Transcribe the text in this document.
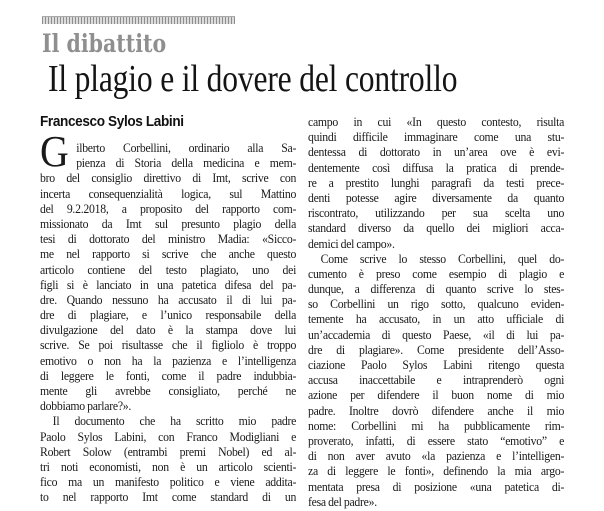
Il dibattito
Il plagio e il dovere del controllo
Francesco Sylos Labini
G ilberto Corbellini, ordinario alla Sa-
pienza di Storia della medicina e mem-
bro del consiglio direttivo di Imt, scrive con
incerta consequenzialità logica, sul Mattino
del 9.2.2018, a proposito del rapporto com-
missionato da Imt sul presunto plagio della
tesi di dottorato del ministro Madia: «Sicco-
me nel rapporto si scrive che anche questo
articolo contiene del testo plagiato, uno dei
figli si è lanciato in una patetica difesa del pa-
dre. Quando nessuno ha accusato il di lui pa-
dre di plagiare, e l’unico responsabile della
divulgazione del dato è la stampa dove lui
scrive. Se poi risultasse che il figliolo è troppo
emotivo o non ha la pazienza e l’intelligenza
di leggere le fonti, come il padre indubbia-
mente gli avrebbe consigliato, perché ne
dobbiamo parlare?».
Il documento che ha scritto mio padre
Paolo Sylos Labini, con Franco Modigliani e
Robert Solow (entrambi premi Nobel) ed al-
tri noti economisti, non è un articolo scienti-
fico ma un manifesto politico e viene addita-
to nel rapporto Imt come standard di un
campo in cui «In questo contesto, risulta
quindi difficile immaginare come una stu-
dentessa di dottorato in un’area ove è evi-
dentemente così diffusa la pratica di prende-
re a prestito lunghi paragrafi da testi prece-
denti potesse agire diversamente da quanto
riscontrato, utilizzando per sua scelta uno
standard diverso da quello dei migliori acca-
demici del campo».
Come scrive lo stesso Corbellini, quel do-
cumento è preso come esempio di plagio e
dunque, a differenza di quanto scrive lo stes-
so Corbellini un rigo sotto, qualcuno eviden-
temente ha accusato, in un atto ufficiale di
un’accademia di questo Paese, «il di lui pa-
dre di plagiare». Come presidente dell’Asso-
ciazione Paolo Sylos Labini ritengo questa
accusa inaccettabile e intraprenderò ogni
azione per difendere il buon nome di mio
padre. Inoltre dovrò difendere anche il mio
nome: Corbellini mi ha pubblicamente rim-
proverato, infatti, di essere stato “emotivo” e
di non aver avuto «la pazienza e l’intelligen-
za di leggere le fonti», definendo la mia argo-
mentata presa di posizione «una patetica di-
fesa del padre».
